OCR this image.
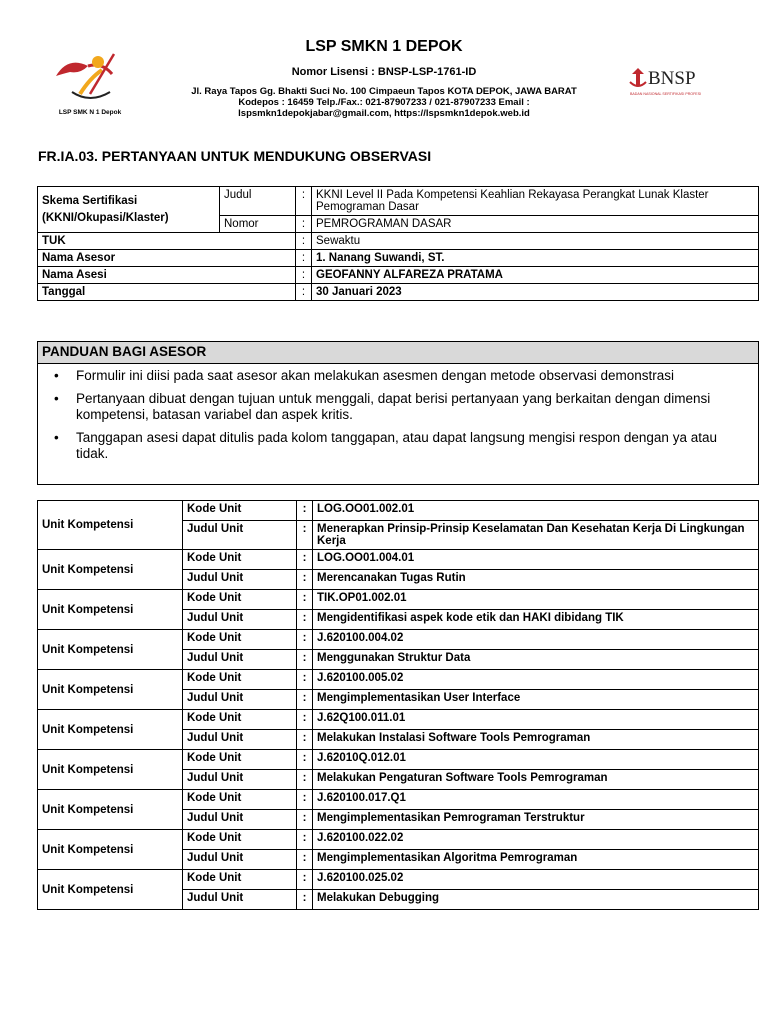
LSP SMK N 1 Depok
LSP SMKN 1 DEPOK
Nomor Lisensi : BNSP-LSP-1761-ID
Jl. Raya Tapos Gg. Bhakti Suci No. 100 Cimpaeun Tapos KOTA DEPOK, JAWA BARAT
Kodepos : 16459 Telp./Fax.: 021-87907233 / 021-87907233 Email :
lspsmkn1depokjabar@gmail.com, https://lspsmkn1depok.web.id
BNSP
BADAN NASIONAL SERTIFIKASI PROFESI
FR.IA.03. PERTANYAAN UNTUK MENDUKUNG OBSERVASI
Skema Sertifikasi (KKNI/Okupasi/Klaster)	Judul	:	KKNI Level II Pada Kompetensi Keahlian Rekayasa Perangkat Lunak Klaster Pemograman Dasar
	Nomor	:	PEMROGRAMAN DASAR
TUK		:	Sewaktu
Nama Asesor		:	1. Nanang Suwandi, ST.
Nama Asesi		:	GEOFANNY ALFAREZA PRATAMA
Tanggal		:	30 Januari 2023
PANDUAN BAGI ASESOR
• Formulir ini diisi pada saat asesor akan melakukan asesmen dengan metode observasi demonstrasi
• Pertanyaan dibuat dengan tujuan untuk menggali, dapat berisi pertanyaan yang berkaitan dengan dimensi kompetensi, batasan variabel dan aspek kritis.
• Tanggapan asesi dapat ditulis pada kolom tanggapan, atau dapat langsung mengisi respon dengan ya atau tidak.
Unit Kompetensi	Kode Unit	:	LOG.OO01.002.01
	Judul Unit	:	Menerapkan Prinsip-Prinsip Keselamatan Dan Kesehatan Kerja Di Lingkungan Kerja
Unit Kompetensi	Kode Unit	:	LOG.OO01.004.01
	Judul Unit	:	Merencanakan Tugas Rutin
Unit Kompetensi	Kode Unit	:	TIK.OP01.002.01
	Judul Unit	:	Mengidentifikasi aspek kode etik dan HAKI dibidang TIK
Unit Kompetensi	Kode Unit	:	J.620100.004.02
	Judul Unit	:	Menggunakan Struktur Data
Unit Kompetensi	Kode Unit	:	J.620100.005.02
	Judul Unit	:	Mengimplementasikan User Interface
Unit Kompetensi	Kode Unit	:	J.62Q100.011.01
	Judul Unit	:	Melakukan Instalasi Software Tools Pemrograman
Unit Kompetensi	Kode Unit	:	J.62010Q.012.01
	Judul Unit	:	Melakukan Pengaturan Software Tools Pemrograman
Unit Kompetensi	Kode Unit	:	J.620100.017.Q1
	Judul Unit	:	Mengimplementasikan Pemrograman Terstruktur
Unit Kompetensi	Kode Unit	:	J.620100.022.02
	Judul Unit	:	Mengimplementasikan Algoritma Pemrograman
Unit Kompetensi	Kode Unit	:	J.620100.025.02
	Judul Unit	:	Melakukan Debugging
